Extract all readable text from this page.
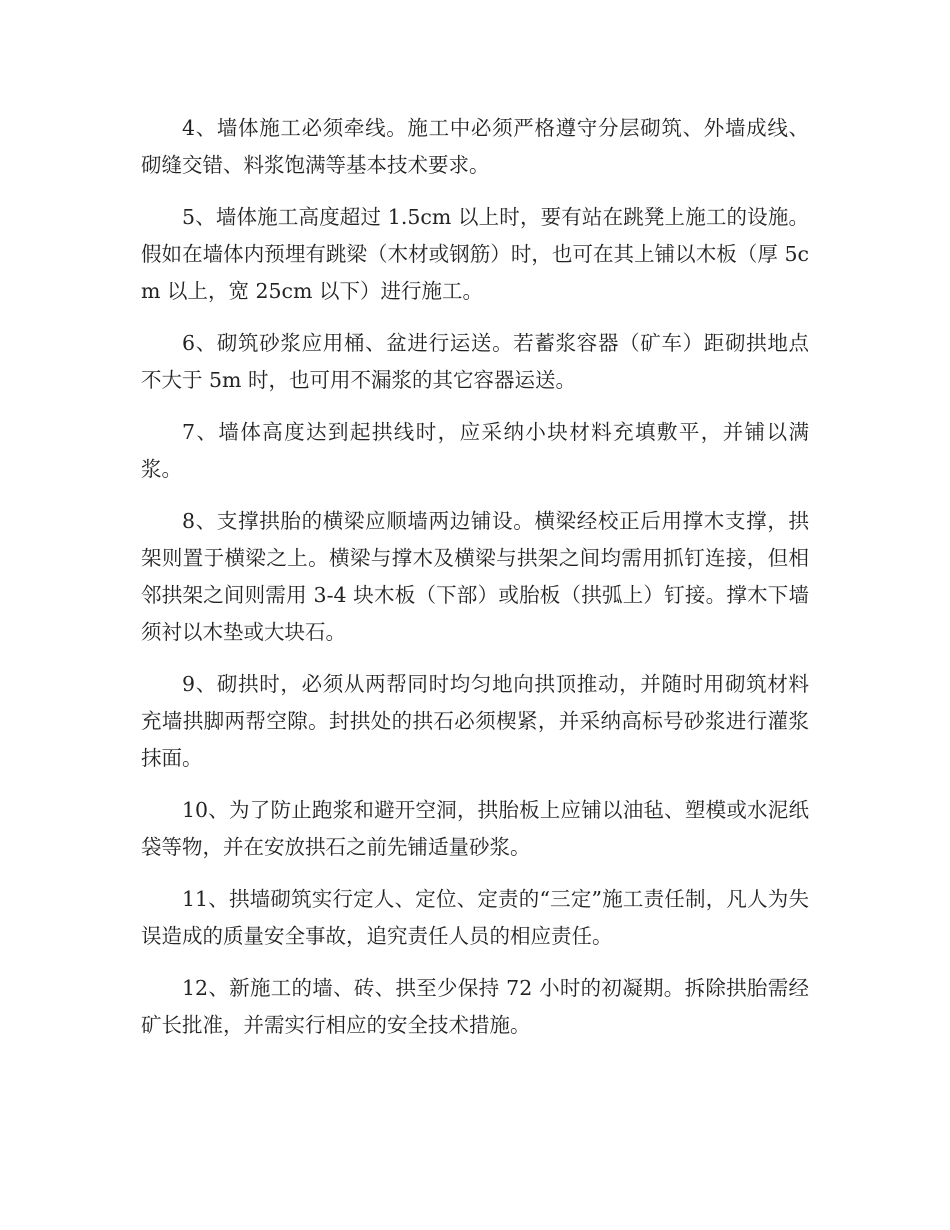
4、墙体施工必须牵线。施工中必须严格遵守分层砌筑、外墙成线、砌缝交错、料浆饱满等基本技术要求。

5、墙体施工高度超过 1.5cm 以上时，要有站在跳凳上施工的设施。假如在墙体内预埋有跳梁（木材或钢筋）时，也可在其上铺以木板（厚 5cm 以上，宽 25cm 以下）进行施工。

6、砌筑砂浆应用桶、盆进行运送。若蓄浆容器（矿车）距砌拱地点不大于 5m 时，也可用不漏浆的其它容器运送。

7、墙体高度达到起拱线时，应采纳小块材料充填敷平，并铺以满浆。

8、支撑拱胎的横梁应顺墙两边铺设。横梁经校正后用撑木支撑，拱架则置于横梁之上。横梁与撑木及横梁与拱架之间均需用抓钉连接，但相邻拱架之间则需用 3-4 块木板（下部）或胎板（拱弧上）钉接。撑木下墙须衬以木垫或大块石。

9、砌拱时，必须从两帮同时均匀地向拱顶推动，并随时用砌筑材料充墙拱脚两帮空隙。封拱处的拱石必须楔紧，并采纳高标号砂浆进行灌浆抹面。

10、为了防止跑浆和避开空洞，拱胎板上应铺以油毡、塑模或水泥纸袋等物，并在安放拱石之前先铺适量砂浆。

11、拱墙砌筑实行定人、定位、定责的“三定”施工责任制，凡人为失误造成的质量安全事故，追究责任人员的相应责任。

12、新施工的墙、砖、拱至少保持 72 小时的初凝期。拆除拱胎需经矿长批准，并需实行相应的安全技术措施。
